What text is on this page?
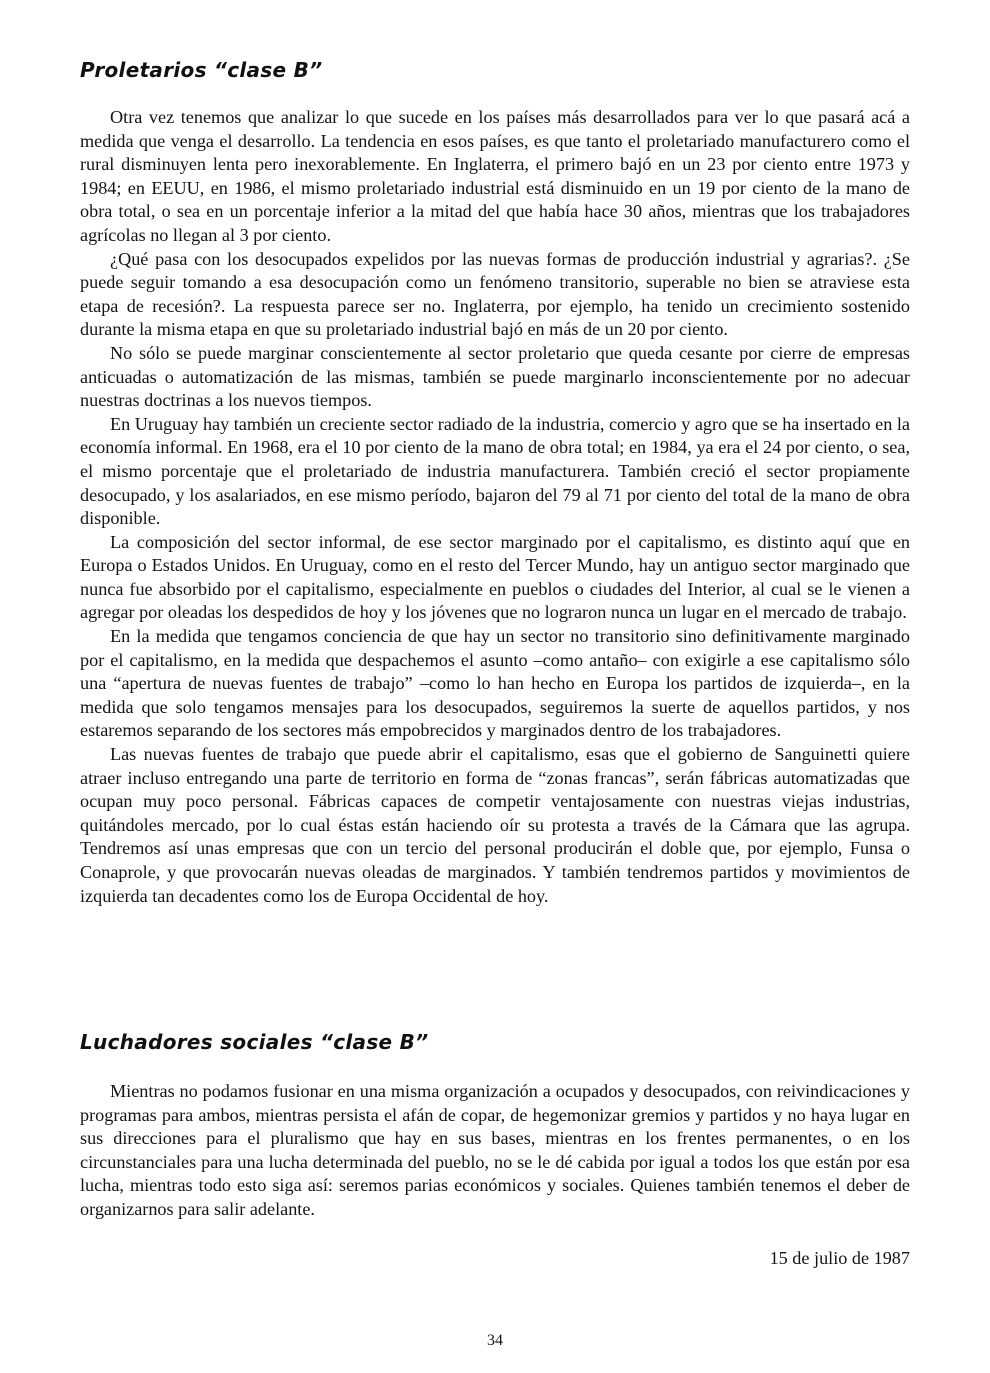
Proletarios “clase B”

Otra vez tenemos que analizar lo que sucede en los países más desarrollados para ver lo que pasará acá a medida que venga el desarrollo. La tendencia en esos países, es que tanto el proletariado manufacturero como el rural disminuyen lenta pero inexorablemente. En Inglaterra, el primero bajó en un 23 por ciento entre 1973 y 1984; en EEUU, en 1986, el mismo proletariado industrial está disminuido en un 19 por ciento de la mano de obra total, o sea en un porcentaje inferior a la mitad del que había hace 30 años, mientras que los trabajadores agrícolas no llegan al 3 por ciento.

¿Qué pasa con los desocupados expelidos por las nuevas formas de producción industrial y agrarias?. ¿Se puede seguir tomando a esa desocupación como un fenómeno transitorio, superable no bien se atraviese esta etapa de recesión?. La respuesta parece ser no. Inglaterra, por ejemplo, ha tenido un crecimiento sostenido durante la misma etapa en que su proletariado industrial bajó en más de un 20 por ciento.

No sólo se puede marginar conscientemente al sector proletario que queda cesante por cierre de empresas anticuadas o automatización de las mismas, también se puede marginarlo inconscientemente por no adecuar nuestras doctrinas a los nuevos tiempos.

En Uruguay hay también un creciente sector radiado de la industria, comercio y agro que se ha insertado en la economía informal. En 1968, era el 10 por ciento de la mano de obra total; en 1984, ya era el 24 por ciento, o sea, el mismo porcentaje que el proletariado de industria manufacturera. También creció el sector propiamente desocupado, y los asalariados, en ese mismo período, bajaron del 79 al 71 por ciento del total de la mano de obra disponible.

La composición del sector informal, de ese sector marginado por el capitalismo, es distinto aquí que en Europa o Estados Unidos. En Uruguay, como en el resto del Tercer Mundo, hay un antiguo sector marginado que nunca fue absorbido por el capitalismo, especialmente en pueblos o ciudades del Interior, al cual se le vienen a agregar por oleadas los despedidos de hoy y los jóvenes que no lograron nunca un lugar en el mercado de trabajo.

En la medida que tengamos conciencia de que hay un sector no transitorio sino definitivamente marginado por el capitalismo, en la medida que despachemos el asunto –como antaño– con exigirle a ese capitalismo sólo una “apertura de nuevas fuentes de trabajo” –como lo han hecho en Europa los partidos de izquierda–, en la medida que solo tengamos mensajes para los desocupados, seguiremos la suerte de aquellos partidos, y nos estaremos separando de los sectores más empobrecidos y marginados dentro de los trabajadores.

Las nuevas fuentes de trabajo que puede abrir el capitalismo, esas que el gobierno de Sanguinetti quiere atraer incluso entregando una parte de territorio en forma de “zonas francas”, serán fábricas automatizadas que ocupan muy poco personal. Fábricas capaces de competir ventajosamente con nuestras viejas industrias, quitándoles mercado, por lo cual éstas están haciendo oír su protesta a través de la Cámara que las agrupa. Tendremos así unas empresas que con un tercio del personal producirán el doble que, por ejemplo, Funsa o Conaprole, y que provocarán nuevas oleadas de marginados. Y también tendremos partidos y movimientos de izquierda tan decadentes como los de Europa Occidental de hoy.

Luchadores sociales “clase B”

Mientras no podamos fusionar en una misma organización a ocupados y desocupados, con reivindicaciones y programas para ambos, mientras persista el afán de copar, de hegemonizar gremios y partidos y no haya lugar en sus direcciones para el pluralismo que hay en sus bases, mientras en los frentes permanentes, o en los circunstanciales para una lucha determinada del pueblo, no se le dé cabida por igual a todos los que están por esa lucha, mientras todo esto siga así: seremos parias económicos y sociales. Quienes también tenemos el deber de organizarnos para salir adelante.

15 de julio de 1987
34
